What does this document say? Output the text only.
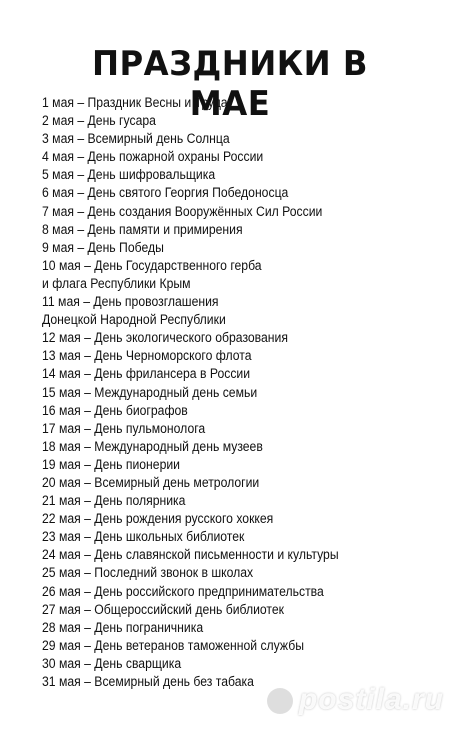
ПРАЗДНИКИ В МАЕ
1 мая – Праздник Весны и Труда
2 мая – День гусара
3 мая – Всемирный день Солнца
4 мая – День пожарной охраны России
5 мая – День шифровальщика
6 мая – День святого Георгия Победоносца
7 мая – День создания Вооружённых Сил России
8 мая – День памяти и примирения
9 мая – День Победы
10 мая – День Государственного герба
и флага Республики Крым
11 мая – День провозглашения
Донецкой Народной Республики
12 мая – День экологического образования
13 мая – День Черноморского флота
14 мая – День фрилансера в России
15 мая – Международный день семьи
16 мая – День биографов
17 мая – День пульмонолога
18 мая – Международный день музеев
19 мая – День пионерии
20 мая – Всемирный день метрологии
21 мая – День полярника
22 мая – День рождения русского хоккея
23 мая – День школьных библиотек
24 мая – День славянской письменности и культуры
25 мая – Последний звонок в школах
26 мая – День российского предпринимательства
27 мая – Общероссийский день библиотек
28 мая – День пограничника
29 мая – День ветеранов таможенной службы
30 мая – День сварщика
31 мая – Всемирный день без табака
postila.ru
